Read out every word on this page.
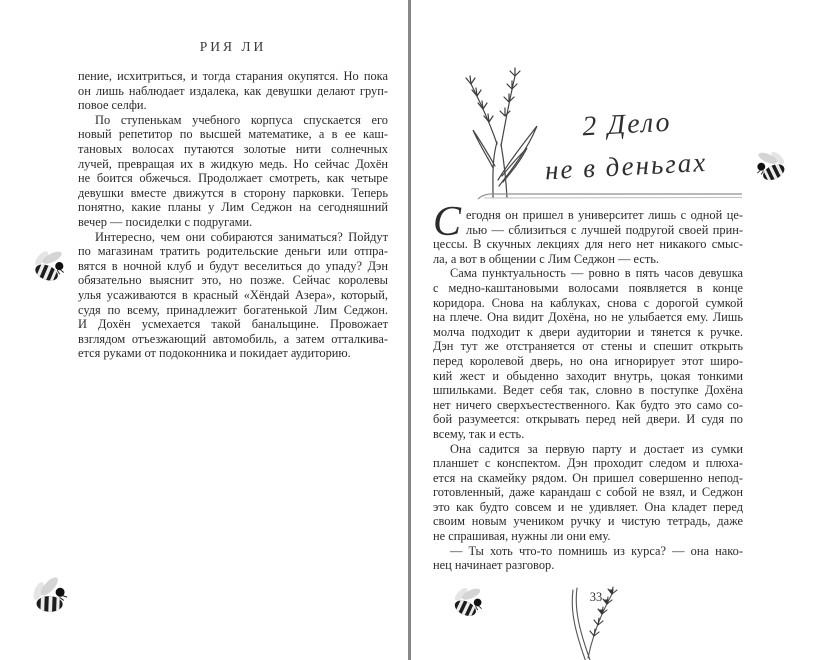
РИЯ ЛИ
пение, исхитриться, и тогда старания окупятся. Но пока
он лишь наблюдает издалека, как девушки делают груп-
повое селфи.
По ступенькам учебного корпуса спускается его
новый репетитор по высшей математике, а в ее каш-
тановых волосах путаются золотые нити солнечных
лучей, превращая их в жидкую медь. Но сейчас Дохён
не боится обжечься. Продолжает смотреть, как четыре
девушки вместе движутся в сторону парковки. Теперь
понятно, какие планы у Лим Седжон на сегодняшний
вечер — посиделки с подругами.
Интересно, чем они собираются заниматься? Пойдут
по магазинам тратить родительские деньги или отпра-
вятся в ночной клуб и будут веселиться до упаду? Дэн
обязательно выяснит это, но позже. Сейчас королевы
улья усаживаются в красный «Хёндай Азера», который,
судя по всему, принадлежит богатенькой Лим Седжон.
И Дохён усмехается такой банальщине. Провожает
взглядом отъезжающий автомобиль, а затем отталкива-
ется руками от подоконника и покидает аудиторию.
2 Дело
не в деньгах
С егодня он пришел в университет лишь с одной це-
лью — сблизиться с лучшей подругой своей прин-
цессы. В скучных лекциях для него нет никакого смыс-
ла, а вот в общении с Лим Седжон — есть.
Сама пунктуальность — ровно в пять часов девушка
с медно-каштановыми волосами появляется в конце
коридора. Снова на каблуках, снова с дорогой сумкой
на плече. Она видит Дохёна, но не улыбается ему. Лишь
молча подходит к двери аудитории и тянется к ручке.
Дэн тут же отстраняется от стены и спешит открыть
перед королевой дверь, но она игнорирует этот широ-
кий жест и обыденно заходит внутрь, цокая тонкими
шпильками. Ведет себя так, словно в поступке Дохёна
нет ничего сверхъестественного. Как будто это само со-
бой разумеется: открывать перед ней двери. И судя по
всему, так и есть.
Она садится за первую парту и достает из сумки
планшет с конспектом. Дэн проходит следом и плюха-
ется на скамейку рядом. Он пришел совершенно непод-
готовленный, даже карандаш с собой не взял, и Седжон
это как будто совсем и не удивляет. Она кладет перед
своим новым учеником ручку и чистую тетрадь, даже
не спрашивая, нужны ли они ему.
— Ты хоть что-то помнишь из курса? — она нако-
нец начинает разговор.
33
